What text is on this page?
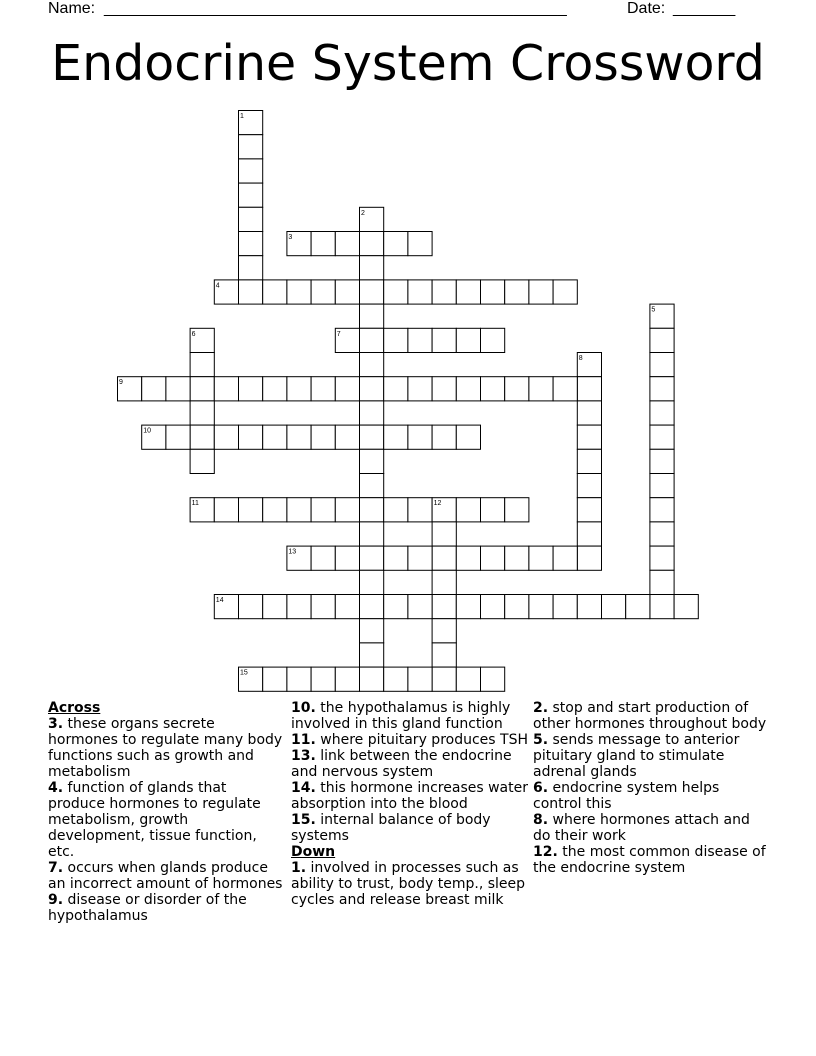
Name: ____________________________________________________	Date: _______
Endocrine System Crossword
1
2
3
4
5
6	7
8
9
10
11	12
13
14
15
Across
3. these organs secrete hormones to regulate many body functions such as growth and metabolism
4. function of glands that produce hormones to regulate metabolism, growth development, tissue function, etc.
7. occurs when glands produce an incorrect amount of hormones
9. disease or disorder of the hypothalamus
10. the hypothalamus is highly involved in this gland function
11. where pituitary produces TSH
13. link between the endocrine and nervous system
14. this hormone increases water absorption into the blood
15. internal balance of body systems
Down
1. involved in processes such as ability to trust, body temp., sleep cycles and release breast milk
2. stop and start production of other hormones throughout body
5. sends message to anterior pituitary gland to stimulate adrenal glands
6. endocrine system helps control this
8. where hormones attach and do their work
12. the most common disease of the endocrine system
